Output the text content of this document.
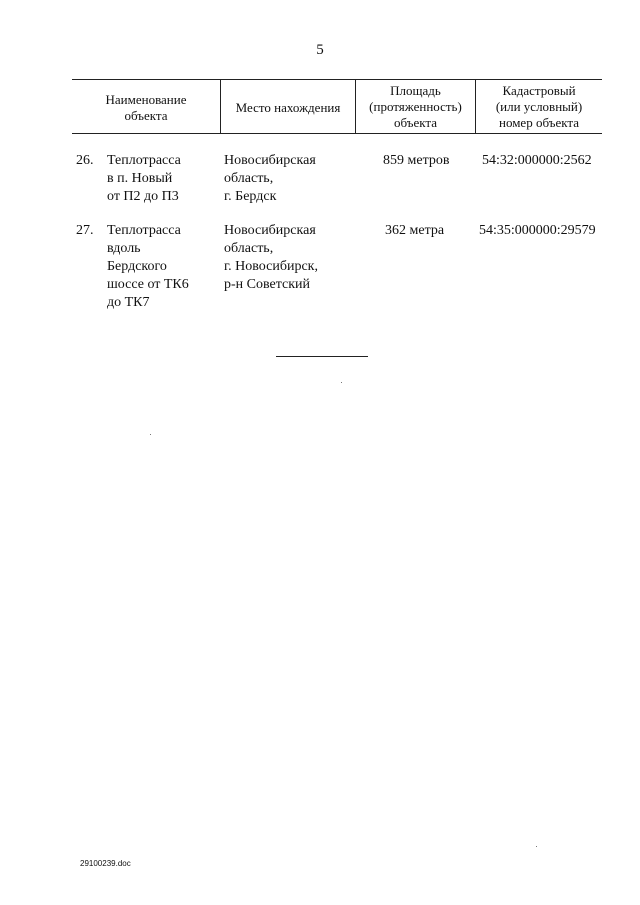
5
Наименование
объекта
Место нахождения
Площадь
(протяженность)
объекта
Кадастровый
(или условный)
номер объекта
26. Теплотрасса
в п. Новый
от П2 до П3
Новосибирская
область,
г. Бердск
859 метров 54:32:000000:2562
27. Теплотрасса
вдоль
Бердского
шоссе от ТК6
до ТК7
Новосибирская
область,
г. Новосибирск,
р-н Советский
362 метра 54:35:000000:29579
29100239.doc
